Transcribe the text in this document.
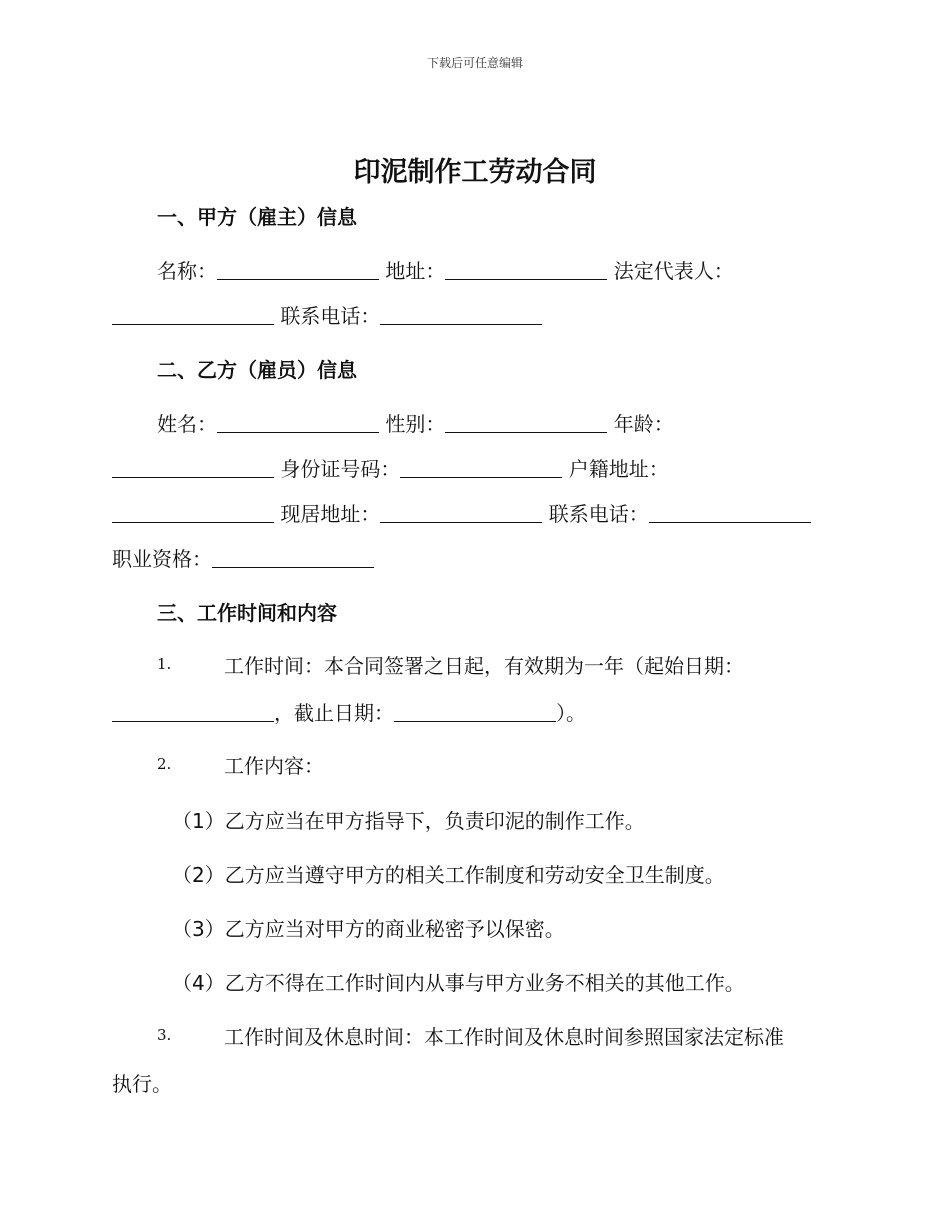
下载后可任意编辑
印泥制作工劳动合同
一、甲方（雇主）信息
名称：	地址：	法定代表人：
联系电话：
二、乙方（雇员）信息
姓名：	性别：	年龄：
身份证号码：	户籍地址：
现居地址：	联系电话：
职业资格：
三、工作时间和内容
1.	工作时间：本合同签署之日起，有效期为一年（起始日期：
，截止日期：	）。
2.	工作内容：
（1）乙方应当在甲方指导下，负责印泥的制作工作。
（2）乙方应当遵守甲方的相关工作制度和劳动安全卫生制度。
（3）乙方应当对甲方的商业秘密予以保密。
（4）乙方不得在工作时间内从事与甲方业务不相关的其他工作。
3.	工作时间及休息时间：本工作时间及休息时间参照国家法定标准
执行。
